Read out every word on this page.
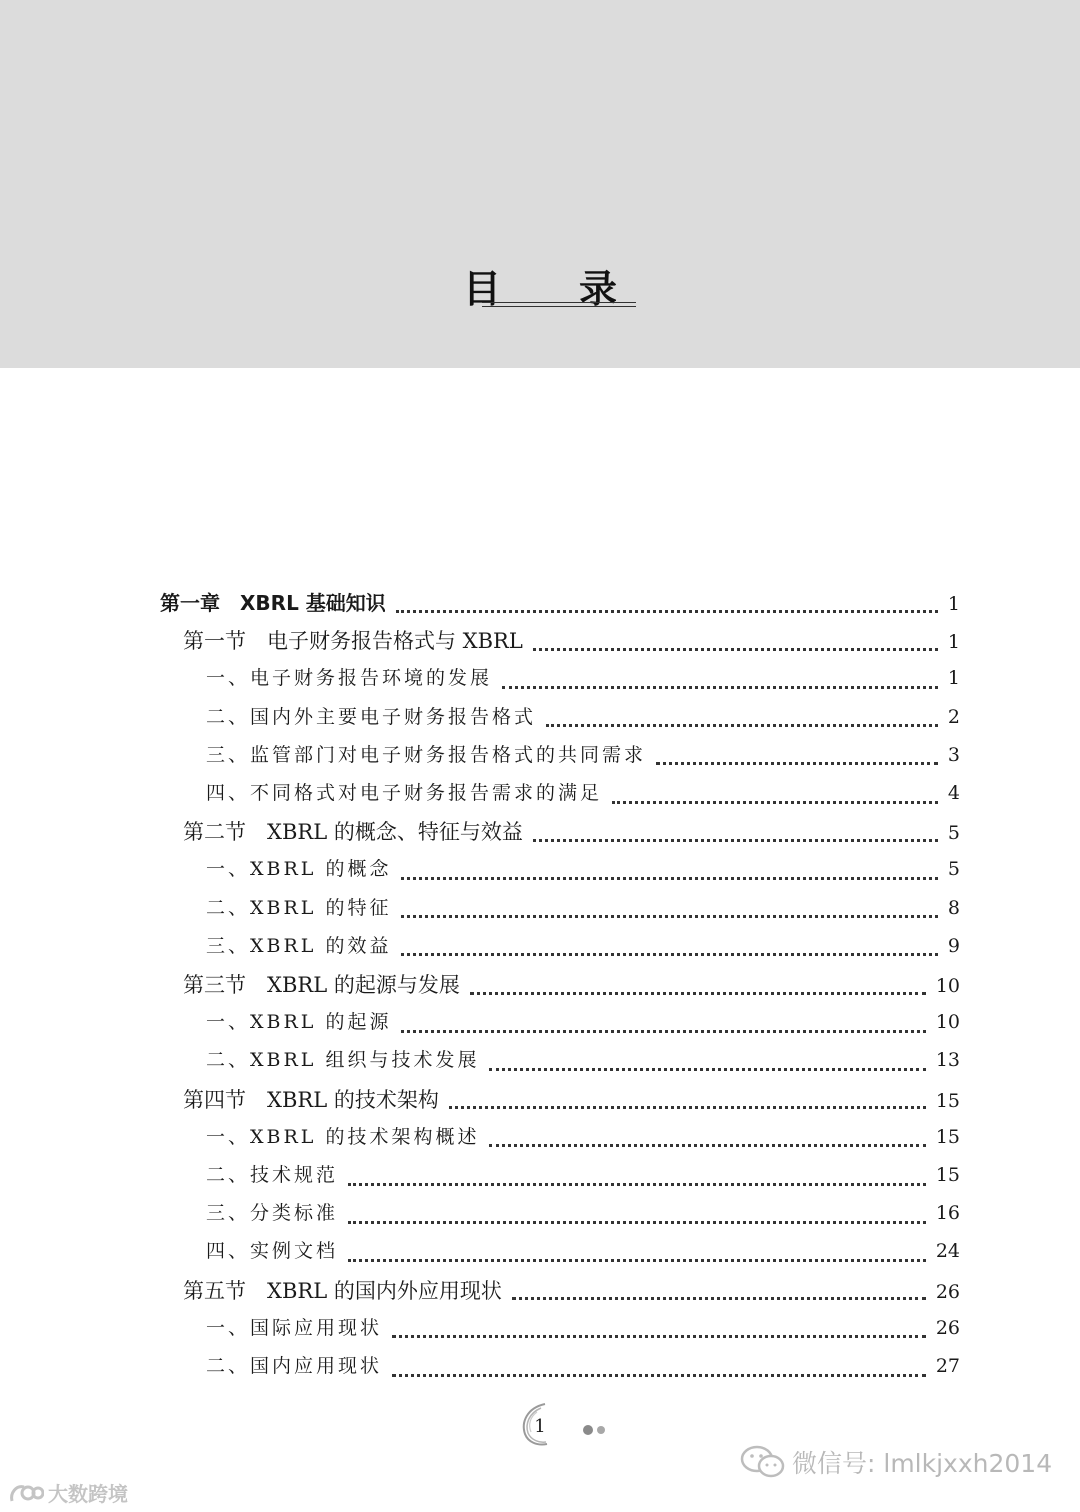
目录
第一章　XBRL 基础知识	1
第一节　电子财务报告格式与 XBRL	1
一、电子财务报告环境的发展	1
二、国内外主要电子财务报告格式	2
三、监管部门对电子财务报告格式的共同需求	3
四、不同格式对电子财务报告需求的满足	4
第二节　XBRL 的概念、特征与效益	5
一、XBRL 的概念	5
二、XBRL 的特征	8
三、XBRL 的效益	9
第三节　XBRL 的起源与发展	10
一、XBRL 的起源	10
二、XBRL 组织与技术发展	13
第四节　XBRL 的技术架构	15
一、XBRL 的技术架构概述	15
二、技术规范	15
三、分类标准	16
四、实例文档	24
第五节　XBRL 的国内外应用现状	26
一、国际应用现状	26
二、国内应用现状	27
1
微信号: lmlkjxxh2014
大数跨境
